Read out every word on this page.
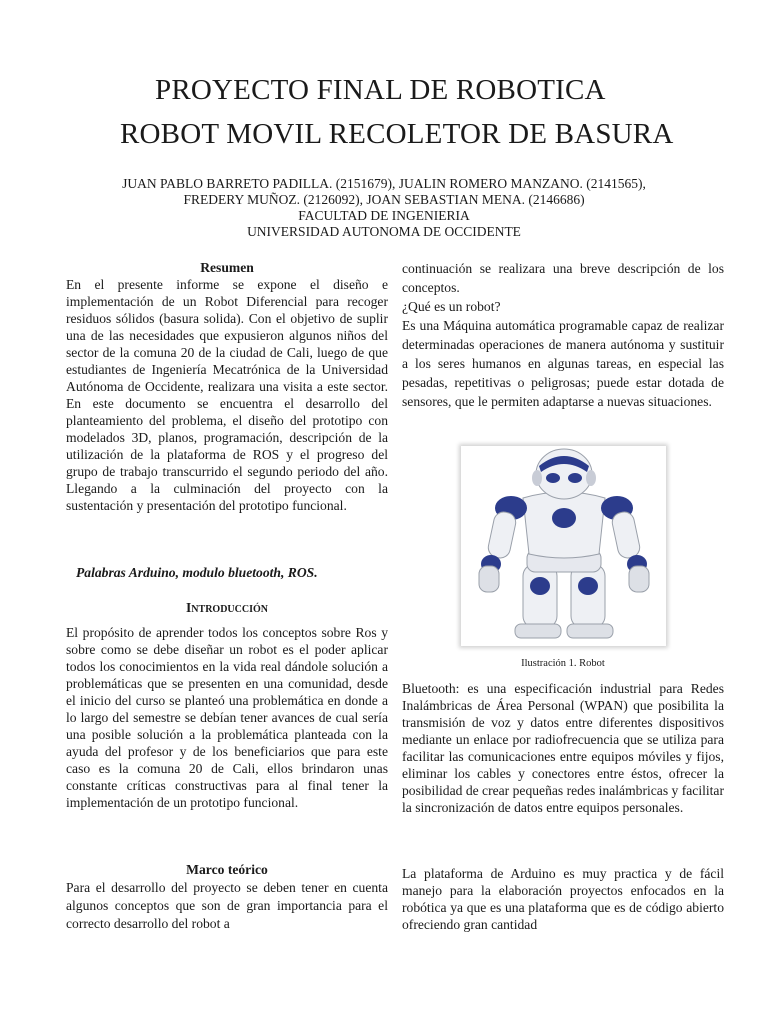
PROYECTO FINAL DE ROBOTICA
ROBOT MOVIL RECOLETOR DE BASURA
JUAN PABLO BARRETO PADILLA. (2151679), JUALIN ROMERO MANZANO. (2141565),
FREDERY MUÑOZ. (2126092), JOAN SEBASTIAN MENA. (2146686)
FACULTAD DE INGENIERIA
UNIVERSIDAD AUTONOMA DE OCCIDENTE
Resumen

En el presente informe se expone el diseño e implementación de un Robot Diferencial para recoger residuos sólidos (basura solida). Con el objetivo de suplir una de las necesidades que expusieron algunos niños del sector de la comuna 20 de la ciudad de Cali, luego de que estudiantes de Ingeniería Mecatrónica de la Universidad Autónoma de Occidente, realizara una visita a este sector. En este documento se encuentra el desarrollo del planteamiento del problema, el diseño del prototipo con modelados 3D, planos, programación, descripción de la utilización de la plataforma de ROS y el progreso del grupo de trabajo transcurrido el segundo periodo del año. Llegando a la culminación del proyecto con la sustentación y presentación del prototipo funcional.

Palabras Arduino, modulo bluetooth, ROS.
Introducción

El propósito de aprender todos los conceptos sobre Ros y sobre como se debe diseñar un robot es el poder aplicar todos los conocimientos en la vida real dándole solución a problemáticas que se presenten en una comunidad, desde el inicio del curso se planteó una problemática en donde a lo largo del semestre se debían tener avances de cual sería una posible solución a la problemática planteada con la ayuda del profesor y de los beneficiarios que para este caso es la comuna 20 de Cali, ellos brindaron unas constante críticas constructivas para al final tener la implementación de un prototipo funcional.

Marco teórico

Para el desarrollo del proyecto se deben tener en cuenta algunos conceptos que son de gran importancia para el correcto desarrollo del robot a

continuación se realizara una breve descripción de los conceptos.

¿Qué es un robot?

Es una Máquina automática programable capaz de realizar determinadas operaciones de manera autónoma y sustituir a los seres humanos en algunas tareas, en especial las pesadas, repetitivas o peligrosas; puede estar dotada de sensores, que le permiten adaptarse a nuevas situaciones.

Ilustración 1. Robot

Bluetooth: es una especificación industrial para Redes Inalámbricas de Área Personal (WPAN) que posibilita la transmisión de voz y datos entre diferentes dispositivos mediante un enlace por radiofrecuencia que se utiliza para facilitar las comunicaciones entre equipos móviles y fijos, eliminar los cables y conectores entre éstos, ofrecer la posibilidad de crear pequeñas redes inalámbricas y facilitar la sincronización de datos entre equipos personales.

La plataforma de Arduino es muy practica y de fácil manejo para la elaboración proyectos enfocados en la robótica ya que es una plataforma que es de código abierto ofreciendo gran cantidad
